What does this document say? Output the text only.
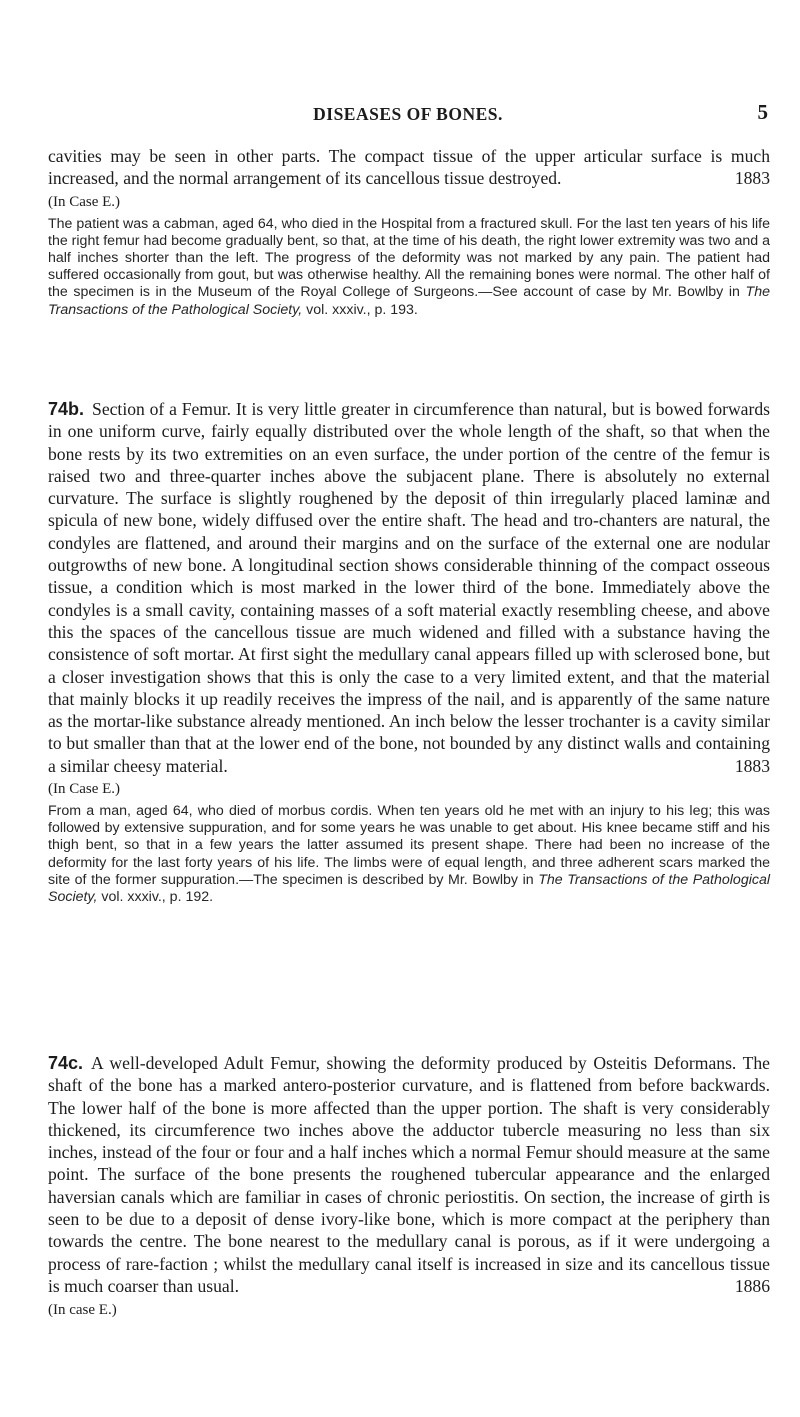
DISEASES OF BONES.	5

cavities may be seen in other parts. The compact tissue of the upper articular surface is much increased, and the normal arrangement of its cancellous tissue destroyed.	1883

(In Case E.)

The patient was a cabman, aged 64, who died in the Hospital from a fractured skull. For the last ten years of his life the right femur had become gradually bent, so that, at the time of his death, the right lower extremity was two and a half inches shorter than the left. The progress of the deformity was not marked by any pain. The patient had suffered occasionally from gout, but was otherwise healthy. All the remaining bones were normal. The other half of the specimen is in the Museum of the Royal College of Surgeons.—See account of case by Mr. Bowlby in The Transactions of the Pathological Society, vol. xxxiv., p. 193.

74b. Section of a Femur. It is very little greater in circumference than natural, but is bowed forwards in one uniform curve, fairly equally distributed over the whole length of the shaft, so that when the bone rests by its two extremities on an even surface, the under portion of the centre of the femur is raised two and three-quarter inches above the subjacent plane. There is absolutely no external curvature. The surface is slightly roughened by the deposit of thin irregularly placed laminæ and spicula of new bone, widely diffused over the entire shaft. The head and tro-chanters are natural, the condyles are flattened, and around their margins and on the surface of the external one are nodular outgrowths of new bone. A longitudinal section shows considerable thinning of the compact osseous tissue, a condition which is most marked in the lower third of the bone. Immediately above the condyles is a small cavity, containing masses of a soft material exactly resembling cheese, and above this the spaces of the cancellous tissue are much widened and filled with a substance having the consistence of soft mortar. At first sight the medullary canal appears filled up with sclerosed bone, but a closer investigation shows that this is only the case to a very limited extent, and that the material that mainly blocks it up readily receives the impress of the nail, and is apparently of the same nature as the mortar-like substance already mentioned. An inch below the lesser trochanter is a cavity similar to but smaller than that at the lower end of the bone, not bounded by any distinct walls and containing a similar cheesy material.	1883

(In Case E.)

From a man, aged 64, who died of morbus cordis. When ten years old he met with an injury to his leg; this was followed by extensive suppuration, and for some years he was unable to get about. His knee became stiff and his thigh bent, so that in a few years the latter assumed its present shape. There had been no increase of the deformity for the last forty years of his life. The limbs were of equal length, and three adherent scars marked the site of the former suppuration.—The specimen is described by Mr. Bowlby in The Transactions of the Pathological Society, vol. xxxiv., p. 192.

74c. A well-developed Adult Femur, showing the deformity produced by Osteitis Deformans. The shaft of the bone has a marked antero-posterior curvature, and is flattened from before backwards. The lower half of the bone is more affected than the upper portion. The shaft is very considerably thickened, its circumference two inches above the adductor tubercle measuring no less than six inches, instead of the four or four and a half inches which a normal Femur should measure at the same point. The surface of the bone presents the roughened tubercular appearance and the enlarged haversian canals which are familiar in cases of chronic periostitis. On section, the increase of girth is seen to be due to a deposit of dense ivory-like bone, which is more compact at the periphery than towards the centre. The bone nearest to the medullary canal is porous, as if it were undergoing a process of rare-faction ; whilst the medullary canal itself is increased in size and its cancellous tissue is much coarser than usual.	1886

(In case E.)
